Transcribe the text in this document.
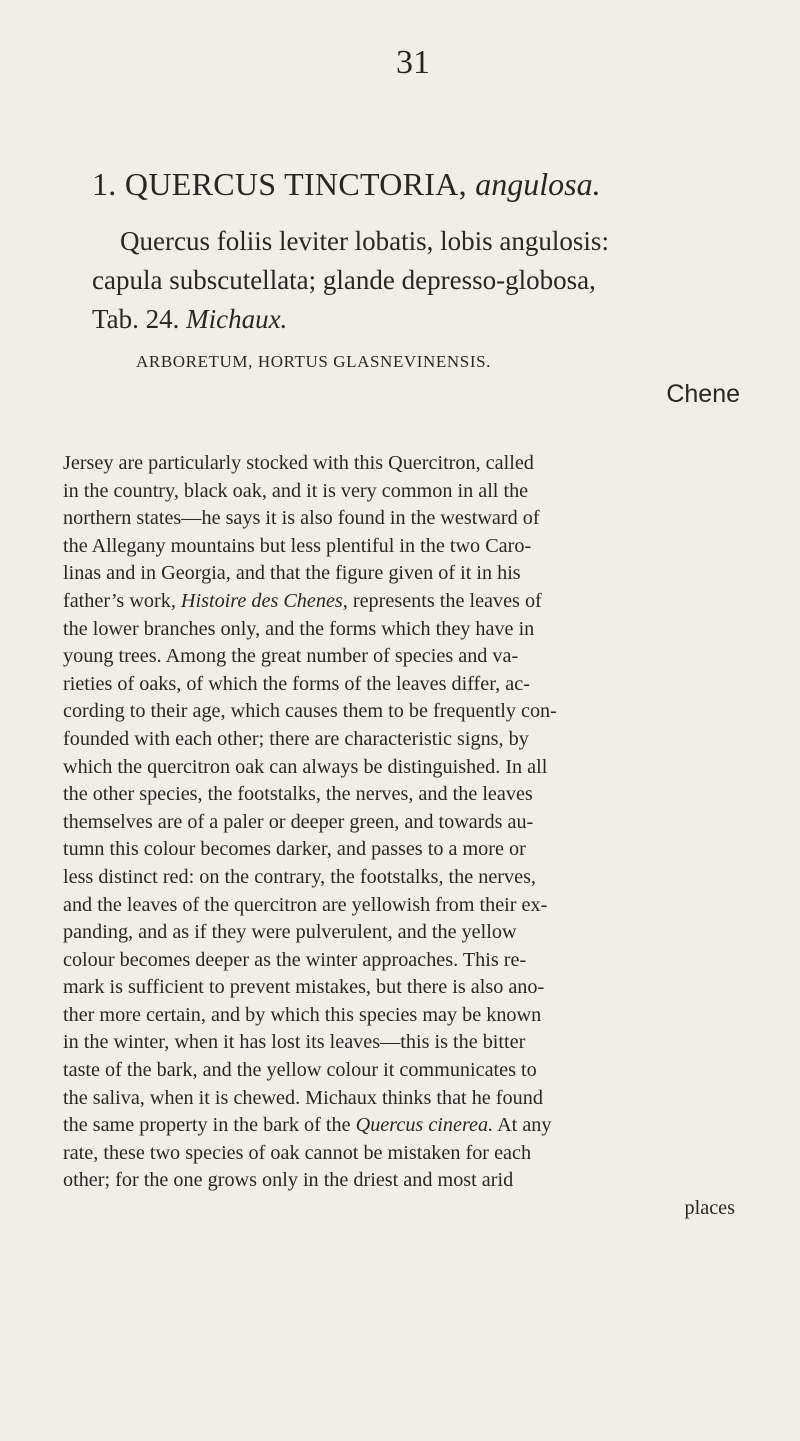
31
1. QUERCUS TINCTORIA, angulosa.
Quercus foliis leviter lobatis, lobis angulosis:
capula subscutellata; glande depresso-globosa,
Tab. 24. Michaux.
ARBORETUM, HORTUS GLASNEVINENSIS.
Chene
Jersey are particularly stocked with this Quercitron, called
in the country, black oak, and it is very common in all the
northern states—he says it is also found in the westward of
the Allegany mountains but less plentiful in the two Caro-
linas and in Georgia, and that the figure given of it in his
father’s work, Histoire des Chenes, represents the leaves of
the lower branches only, and the forms which they have in
young trees. Among the great number of species and va-
rieties of oaks, of which the forms of the leaves differ, ac-
cording to their age, which causes them to be frequently con-
founded with each other; there are characteristic signs, by
which the quercitron oak can always be distinguished. In all
the other species, the footstalks, the nerves, and the leaves
themselves are of a paler or deeper green, and towards au-
tumn this colour becomes darker, and passes to a more or
less distinct red: on the contrary, the footstalks, the nerves,
and the leaves of the quercitron are yellowish from their ex-
panding, and as if they were pulverulent, and the yellow
colour becomes deeper as the winter approaches. This re-
mark is sufficient to prevent mistakes, but there is also ano-
ther more certain, and by which this species may be known
in the winter, when it has lost its leaves—this is the bitter
taste of the bark, and the yellow colour it communicates to
the saliva, when it is chewed. Michaux thinks that he found
the same property in the bark of the Quercus cinerea. At any
rate, these two species of oak cannot be mistaken for each
other; for the one grows only in the driest and most arid
places
